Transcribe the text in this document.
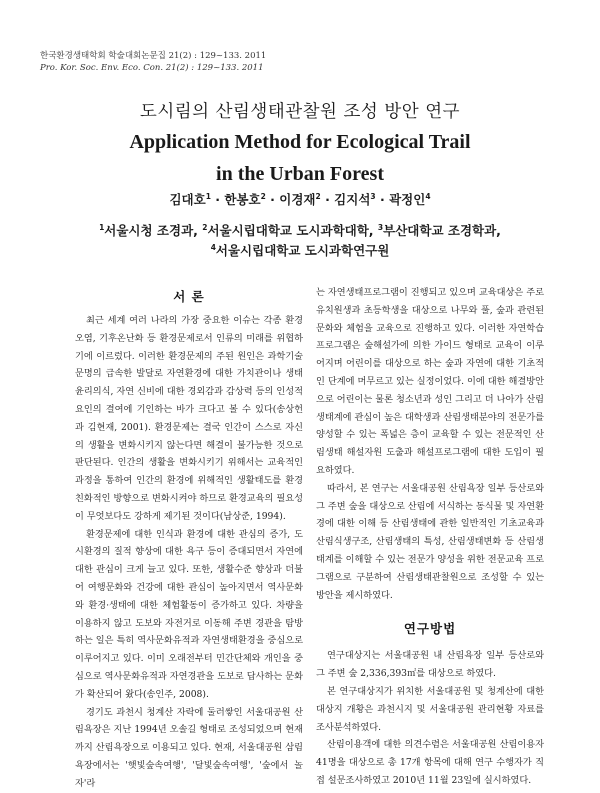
한국환경생태학회 학술대회논문집 21(2) : 129~133. 2011
Pro. Kor. Soc. Env. Eco. Con. 21(2) : 129~133. 2011
도시림의 산림생태관찰원 조성 방안 연구
Application Method for Ecological Trail
in the Urban Forest
김대호$^1$ · 한봉호$^2$ · 이경재$^2$ · 김지석$^3$ · 곽정인$^4$
$^1$서울시청 조경과, $^2$서울시립대학교 도시과학대학, $^3$부산대학교 조경학과,
$^4$서울시립대학교 도시과학연구원
서 론

최근 세계 여러 나라의 가장 중요한 이슈는 각종 환경오염, 기후온난화 등 환경문제로서 인류의 미래를 위협하기에 이르렀다. 이러한 환경문제의 주된 원인은 과학기술 문명의 급속한 발달로 자연환경에 대한 가치관이나 생태윤리의식, 자연 신비에 대한 경외감과 감상력 등의 인성적 요인의 결여에 기인하는 바가 크다고 볼 수 있다(송상헌과 김현재, 2001). 환경문제는 결국 인간이 스스로 자신의 생활을 변화시키지 않는다면 해결이 불가능한 것으로 판단된다. 인간의 생활을 변화시키기 위해서는 교육적인 과정을 통하여 인간의 환경에 위해적인 생활태도를 환경친화적인 방향으로 변화시켜야 하므로 환경교육의 필요성이 무엇보다도 강하게 제기된 것이다(남상준, 1994).

환경문제에 대한 인식과 환경에 대한 관심의 증가, 도시환경의 질적 향상에 대한 욕구 등이 증대되면서 자연에 대한 관심이 크게 늘고 있다. 또한, 생활수준 향상과 더불어 여행문화와 건강에 대한 관심이 높아지면서 역사문화와 환경·생태에 대한 체험활동이 증가하고 있다. 차량을 이용하지 않고 도보와 자전거로 이동해 주변 경관을 탐방하는 일은 특히 역사문화유적과 자연생태환경을 중심으로 이루어지고 있다. 이미 오래전부터 민간단체와 개인을 중심으로 역사문화유적과 자연경관을 도보로 답사하는 문화가 확산되어 왔다(송인주, 2008).

경기도 과천시 청계산 자락에 둘러쌓인 서울대공원 산림욕장은 지난 1994년 오솔길 형태로 조성되었으며 현재까지 산림욕장으로 이용되고 있다. 현재, 서울대공원 삼림욕장에서는 '햇빛숲속여행', '달빛숲속여행', '숲에서 놀자'라

는 자연생태프로그램이 진행되고 있으며 교육대상은 주로 유치원생과 초등학생을 대상으로 나무와 풀, 숲과 관련된 문화와 체험을 교육으로 진행하고 있다. 이러한 자연학습프로그램은 숲해설가에 의한 가이드 형태로 교육이 이루어지며 어린이를 대상으로 하는 숲과 자연에 대한 기초적인 단계에 머무르고 있는 실정이었다. 이에 대한 해결방안으로 어린이는 물론 청소년과 성인 그리고 더 나아가 산림생태계에 관심이 높은 대학생과 산림생태분야의 전문가를 양성할 수 있는 폭넓은 층이 교육할 수 있는 전문적인 산림생태 해설자원 도출과 해설프로그램에 대한 도입이 필요하였다.

따라서, 본 연구는 서울대공원 산림욕장 일부 등산로와 그 주변 숲을 대상으로 산림에 서식하는 동식물 및 자연환경에 대한 이해 등 산림생태에 관한 일반적인 기초교육과 산림식생구조, 산림생태의 특성, 산림생태변화 등 산림생태계를 이해할 수 있는 전문가 양성을 위한 전문교육 프로그램으로 구분하여 산림생태관찰원으로 조성할 수 있는 방안을 제시하였다.

연구방법

연구대상지는 서울대공원 내 산림욕장 일부 등산로와 그 주변 숲 2,336,393㎡를 대상으로 하였다.

본 연구대상지가 위치한 서울대공원 및 청계산에 대한 대상지 개황은 과천시지 및 서울대공원 관리현황 자료를 조사분석하였다.

산림이용객에 대한 의견수렴은 서울대공원 산림이용자 41명을 대상으로 총 17개 항목에 대해 연구 수행자가 직접 설문조사하였고 2010년 11월 23일에 실시하였다.
